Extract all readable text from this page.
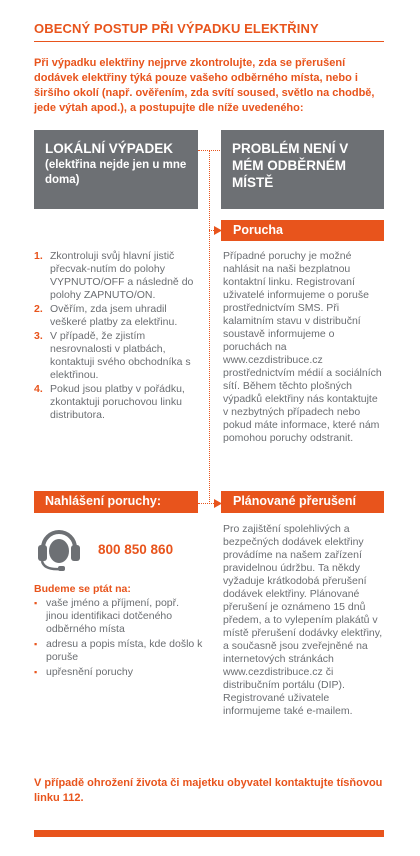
OBECNÝ POSTUP PŘI VÝPADKU ELEKTŘINY
Při výpadku elektřiny nejprve zkontrolujte, zda se přerušení dodávek elektřiny týká pouze vašeho odběrného místa, nebo i širšího okolí (např. ověřením, zda svítí soused, světlo na chodbě, jede výtah apod.), a postupujte dle níže uvedeného:
LOKÁLNÍ VÝPADEK
(elektřina nejde jen u mne doma)
PROBLÉM NENÍ V MÉM ODBĚRNÉM MÍSTĚ
Porucha
1. Zkontroluji svůj hlavní jistič přecvak-nutím do polohy VYPNUTO/OFF a následně do polohy ZAPNUTO/ON.
2. Ověřím, zda jsem uhradil veškeré platby za elektřinu.
3. V případě, že zjistím nesrovnalosti v platbách, kontaktuji svého obchodníka s elektřinou.
4. Pokud jsou platby v pořádku, zkontaktuji poruchovou linku distributora.
Případné poruchy je možné nahlásit na naši bezplatnou kontaktní linku. Registrovaní uživatelé informujeme o poruše prostřednictvím SMS. Při kalamitním stavu v distribuční soustavě informujeme o poruchách na www.cezdistribuce.cz prostřednictvím médií a sociálních sítí. Během těchto plošných výpadků elektřiny nás kontaktujte v nezbytných případech nebo pokud máte informace, které nám pomohou poruchy odstranit.
Nahlášení poruchy:	Plánované přerušení
800 850 860
Budeme se ptát na:
▪ vaše jméno a příjmení, popř. jinou identifikaci dotčeného odběrného místa
▪ adresu a popis místa, kde došlo k poruše
▪ upřesnění poruchy
Pro zajištění spolehlivých a bezpečných dodávek elektřiny provádíme na našem zařízení pravidelnou údržbu. Ta někdy vyžaduje krátkodobá přerušení dodávek elektřiny. Plánované přerušení je oznámeno 15 dnů předem, a to vylepením plakátů v místě přerušení dodávky elektřiny, a současně jsou zveřejněné na internetových stránkách www.cezdistribuce.cz či distribučním portálu (DIP). Registrované uživatele informujeme také e-mailem.
V případě ohrožení života či majetku obyvatel kontaktujte tísňovou linku 112.
